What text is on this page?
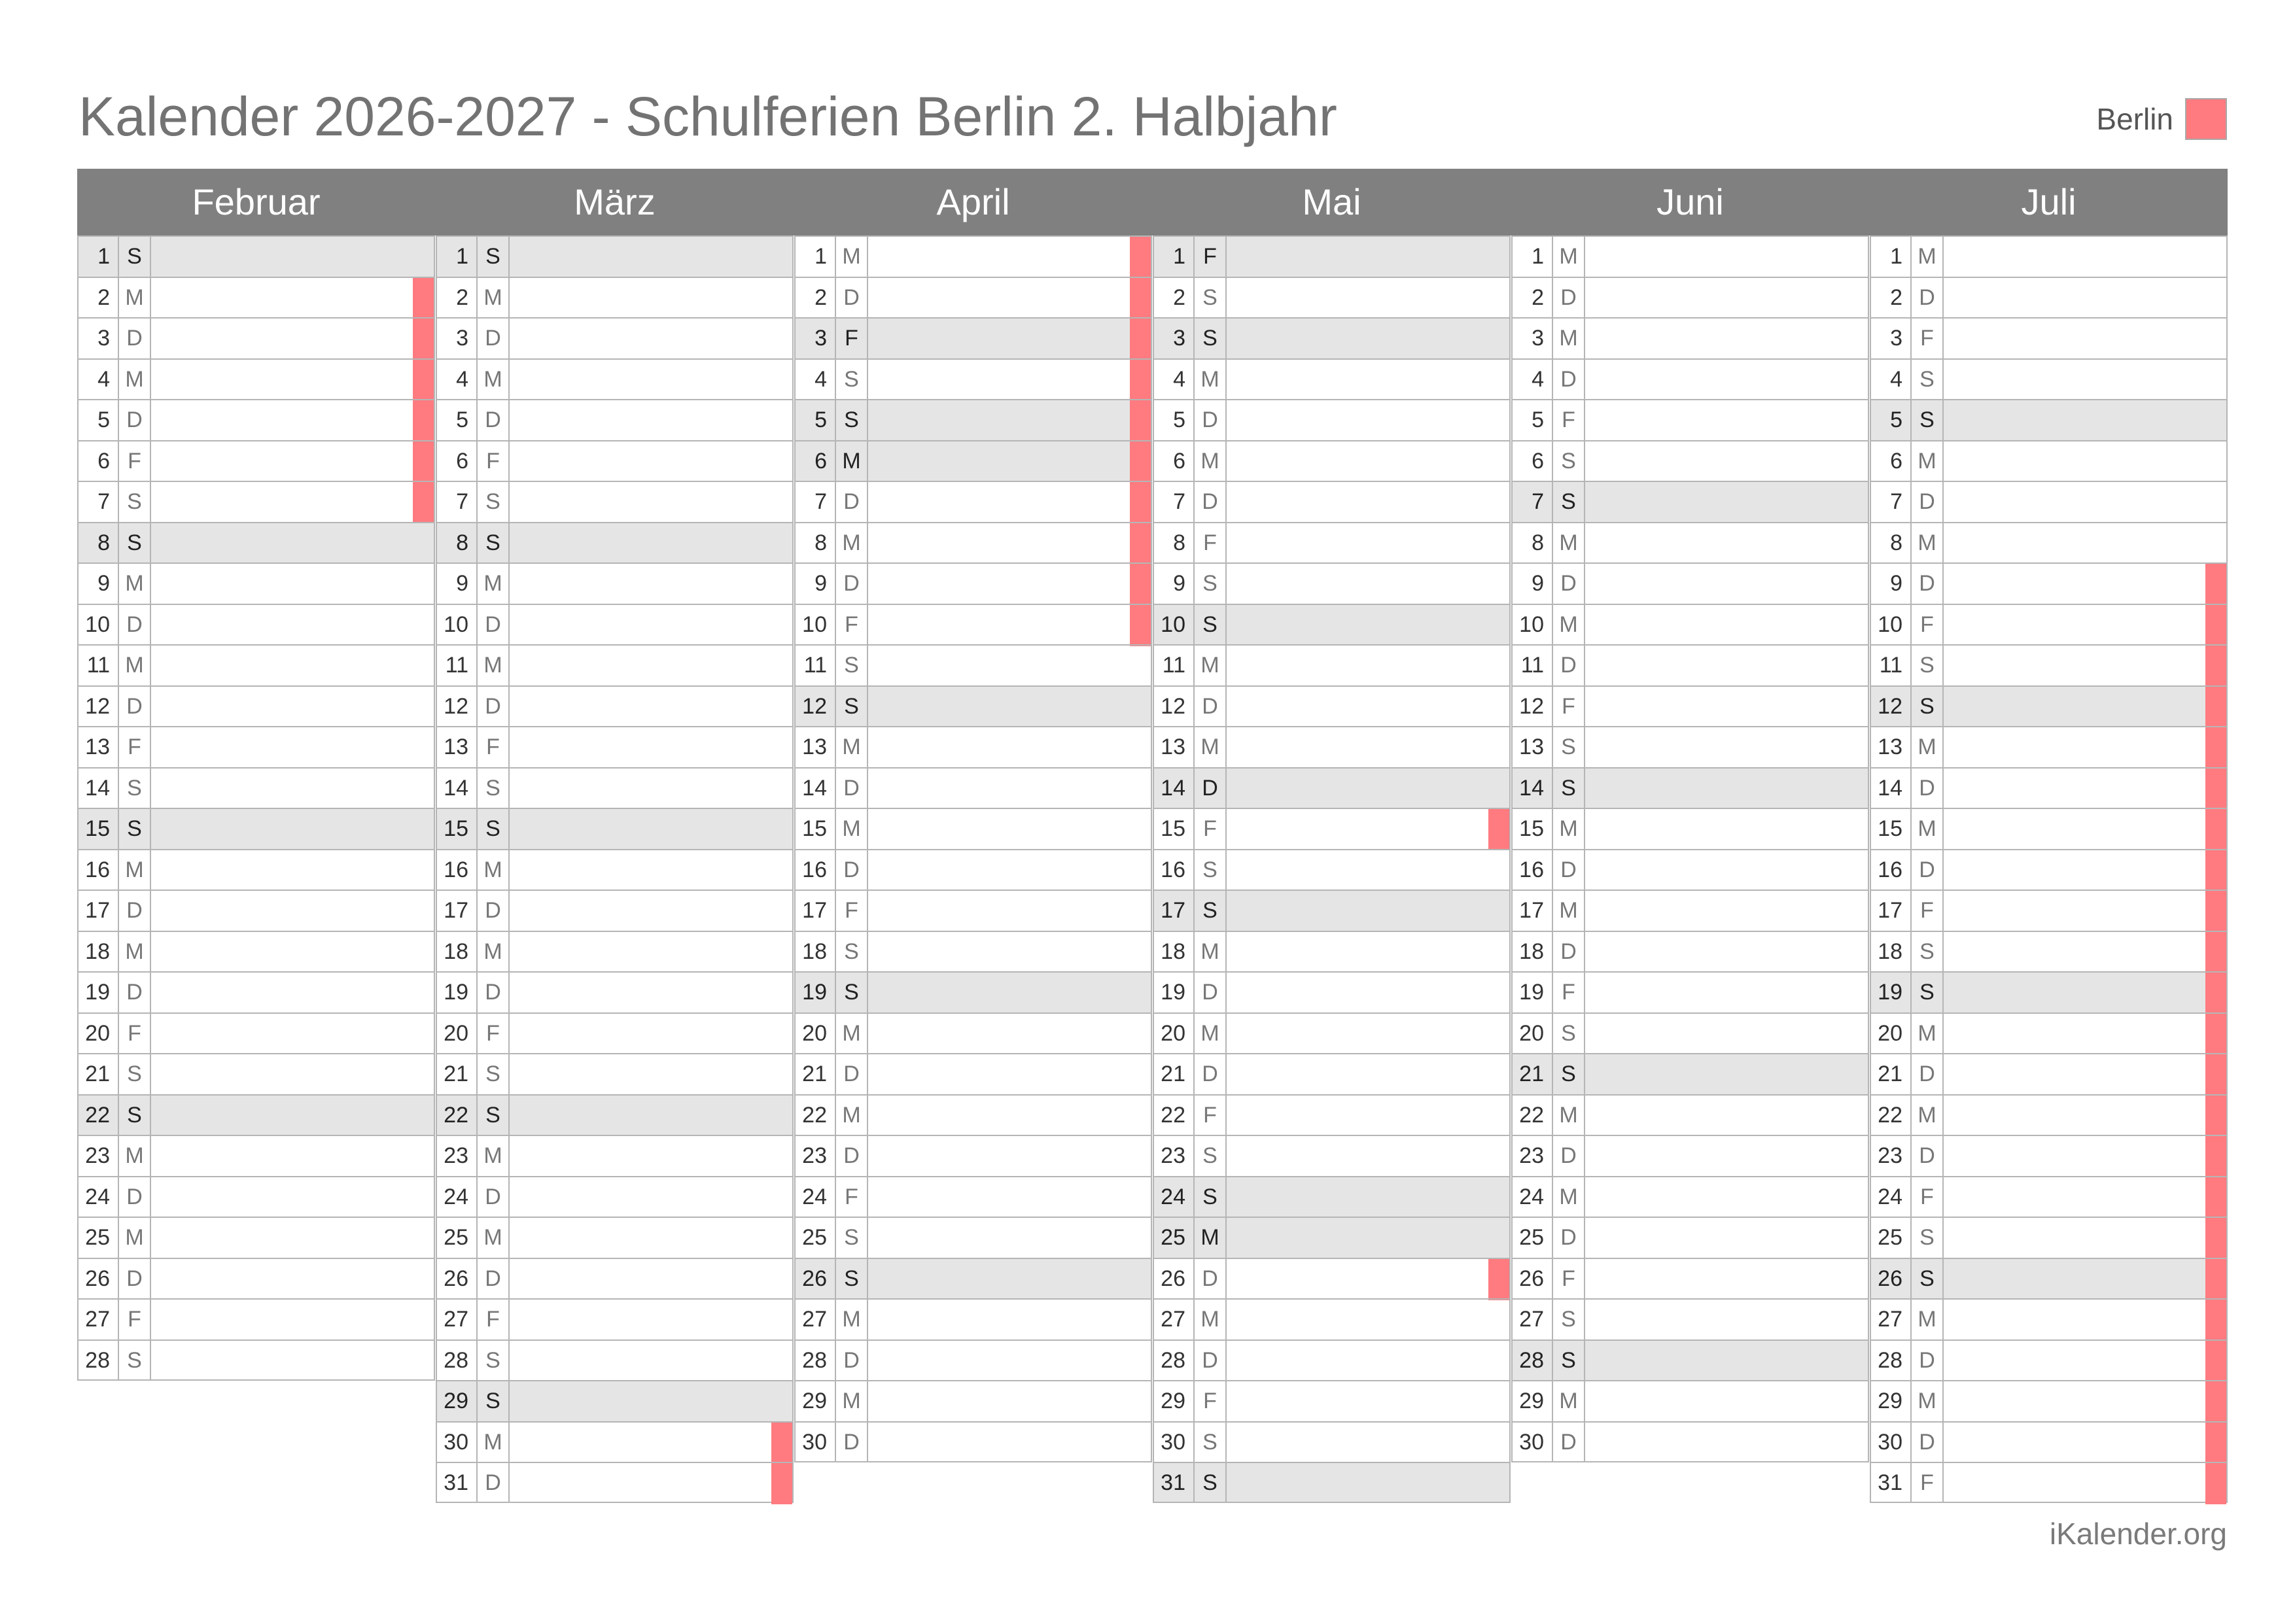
Kalender 2026-2027 - Schulferien Berlin 2. Halbjahr	Berlin
Februar
1 S
2 M
3 D
4 M
5 D
6 F
7 S
8 S
9 M
10 D
11 M
12 D
13 F
14 S
15 S
16 M
17 D
18 M
19 D
20 F
21 S
22 S
23 M
24 D
25 M
26 D
27 F
28 S
März
1 S
2 M
3 D
4 M
5 D
6 F
7 S
8 S
9 M
10 D
11 M
12 D
13 F
14 S
15 S
16 M
17 D
18 M
19 D
20 F
21 S
22 S
23 M
24 D
25 M
26 D
27 F
28 S
29 S
30 M
31 D
April
1 M
2 D
3 F
4 S
5 S
6 M
7 D
8 M
9 D
10 F
11 S
12 S
13 M
14 D
15 M
16 D
17 F
18 S
19 S
20 M
21 D
22 M
23 D
24 F
25 S
26 S
27 M
28 D
29 M
30 D
Mai
1 F
2 S
3 S
4 M
5 D
6 M
7 D
8 F
9 S
10 S
11 M
12 D
13 M
14 D
15 F
16 S
17 S
18 M
19 D
20 M
21 D
22 F
23 S
24 S
25 M
26 D
27 M
28 D
29 F
30 S
31 S
Juni
1 M
2 D
3 M
4 D
5 F
6 S
7 S
8 M
9 D
10 M
11 D
12 F
13 S
14 S
15 M
16 D
17 M
18 D
19 F
20 S
21 S
22 M
23 D
24 M
25 D
26 F
27 S
28 S
29 M
30 D
Juli
1 M
2 D
3 F
4 S
5 S
6 M
7 D
8 M
9 D
10 F
11 S
12 S
13 M
14 D
15 M
16 D
17 F
18 S
19 S
20 M
21 D
22 M
23 D
24 F
25 S
26 S
27 M
28 D
29 M
30 D
31 F
iKalender.org
